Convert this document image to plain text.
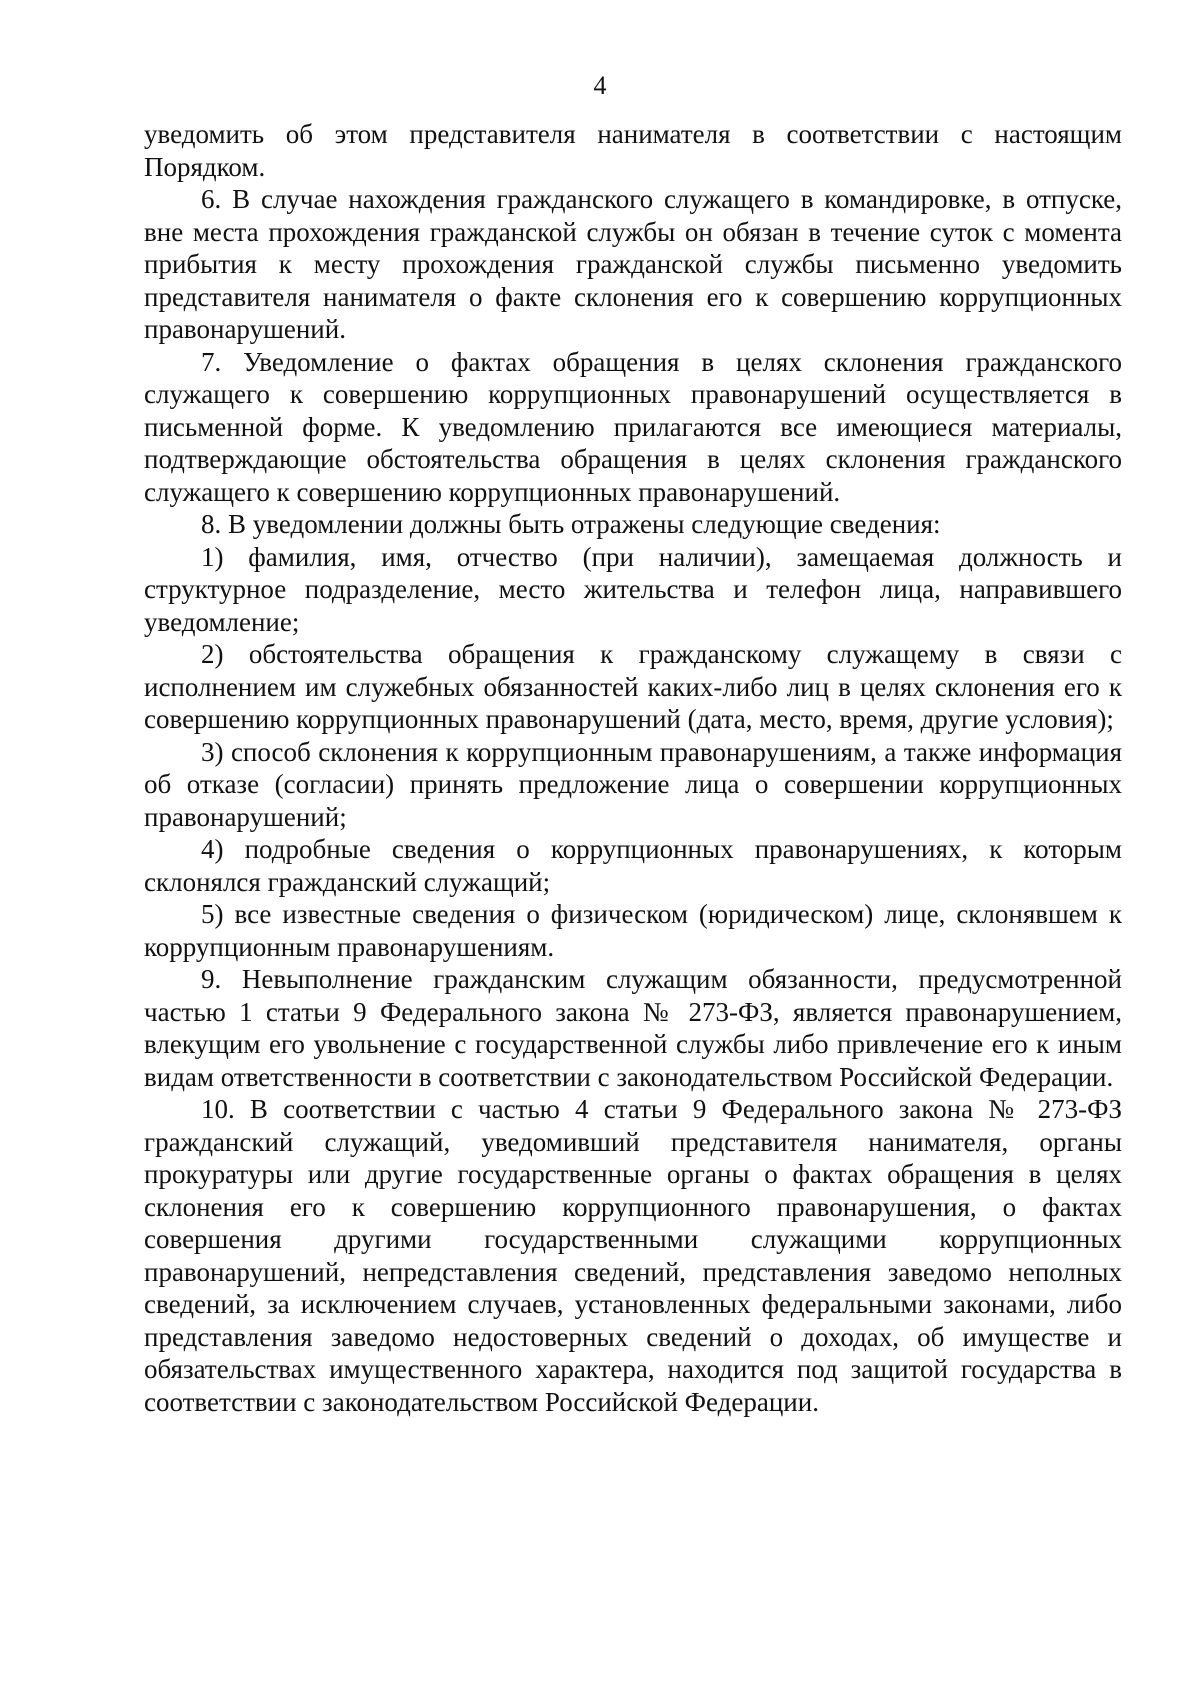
4

уведомить об этом представителя нанимателя в соответствии с настоящим Порядком.

6. В случае нахождения гражданского служащего в командировке, в отпуске, вне места прохождения гражданской службы он обязан в течение суток с момента прибытия к месту прохождения гражданской службы письменно уведомить представителя нанимателя о факте склонения его к совершению коррупционных правонарушений.

7. Уведомление о фактах обращения в целях склонения гражданского служащего к совершению коррупционных правонарушений осуществляется в письменной форме. К уведомлению прилагаются все имеющиеся материалы, подтверждающие обстоятельства обращения в целях склонения гражданского служащего к совершению коррупционных правонарушений.

8. В уведомлении должны быть отражены следующие сведения:

1) фамилия, имя, отчество (при наличии), замещаемая должность и структурное подразделение, место жительства и телефон лица, направившего уведомление;

2) обстоятельства обращения к гражданскому служащему в связи с исполнением им служебных обязанностей каких-либо лиц в целях склонения его к совершению коррупционных правонарушений (дата, место, время, другие условия);

3) способ склонения к коррупционным правонарушениям, а также информация об отказе (согласии) принять предложение лица о совершении коррупционных правонарушений;

4) подробные сведения о коррупционных правонарушениях, к которым склонялся гражданский служащий;

5) все известные сведения о физическом (юридическом) лице, склонявшем к коррупционным правонарушениям.

9. Невыполнение гражданским служащим обязанности, предусмотренной частью 1 статьи 9 Федерального закона № 273-ФЗ, является правонарушением, влекущим его увольнение с государственной службы либо привлечение его к иным видам ответственности в соответствии с законодательством Российской Федерации.

10. В соответствии с частью 4 статьи 9 Федерального закона № 273-ФЗ гражданский служащий, уведомивший представителя нанимателя, органы прокуратуры или другие государственные органы о фактах обращения в целях склонения его к совершению коррупционного правонарушения, о фактах совершения другими государственными служащими коррупционных правонарушений, непредставления сведений, представления заведомо неполных сведений, за исключением случаев, установленных федеральными законами, либо представления заведомо недостоверных сведений о доходах, об имуществе и обязательствах имущественного характера, находится под защитой государства в соответствии с законодательством Российской Федерации.
